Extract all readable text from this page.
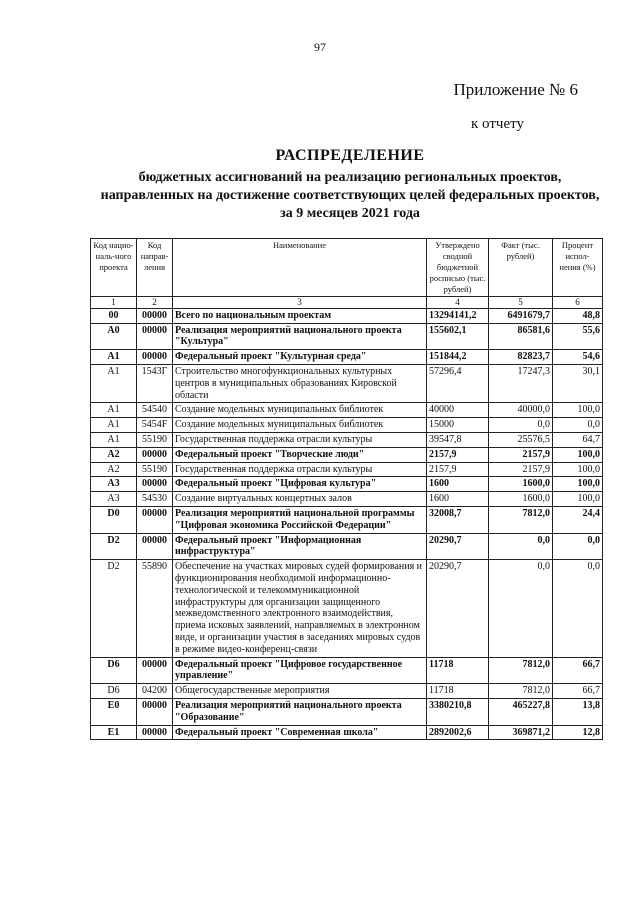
97
Приложение № 6
к отчету
РАСПРЕДЕЛЕНИЕ
бюджетных ассигнований на реализацию региональных проектов, направленных на достижение соответствующих целей федеральных проектов, за 9 месяцев 2021 года
Код нацио-наль-ного проекта	Код направ-ления	Наименование	Утверждено сводной бюджетной росписью (тыс. рублей)	Факт (тыс. рублей)	Процент испол-нения (%)
1	2	3	4	5	6
00	00000	Всего по национальным проектам	13294141,2	6491679,7	48,8
A0	00000	Реализация мероприятий национального проекта "Культура"	155602,1	86581,6	55,6
A1	00000	Федеральный проект "Культурная среда"	151844,2	82823,7	54,6
A1	1543Г	Строительство многофункциональных культурных центров в муниципальных образованиях Кировской области	57296,4	17247,3	30,1
A1	54540	Создание модельных муниципальных библиотек	40000	40000,0	100,0
A1	5454F	Создание модельных муниципальных библиотек	15000	0,0	0,0
A1	55190	Государственная поддержка отрасли культуры	39547,8	25576,5	64,7
A2	00000	Федеральный проект "Творческие люди"	2157,9	2157,9	100,0
A2	55190	Государственная поддержка отрасли культуры	2157,9	2157,9	100,0
A3	00000	Федеральный проект "Цифровая культура"	1600	1600,0	100,0
A3	54530	Создание виртуальных концертных залов	1600	1600,0	100,0
D0	00000	Реализация мероприятий национальной программы "Цифровая экономика Российской Федерации"	32008,7	7812,0	24,4
D2	00000	Федеральный проект "Информационная инфраструктура"	20290,7	0,0	0,0
D2	55890	Обеспечение на участках мировых судей формирования и функционирования необходимой информационно-технологической и телекоммуникационной инфраструктуры для организации защищенного межведомственного электронного взаимодействия, приема исковых заявлений, направляемых в электронном виде, и организации участия в заседаниях мировых судов в режиме видео-конференц-связи	20290,7	0,0	0,0
D6	00000	Федеральный проект "Цифровое государственное управление"	11718	7812,0	66,7
D6	04200	Общегосударственные мероприятия	11718	7812,0	66,7
E0	00000	Реализация мероприятий национального проекта "Образование"	3380210,8	465227,8	13,8
E1	00000	Федеральный проект "Современная школа"	2892002,6	369871,2	12,8
